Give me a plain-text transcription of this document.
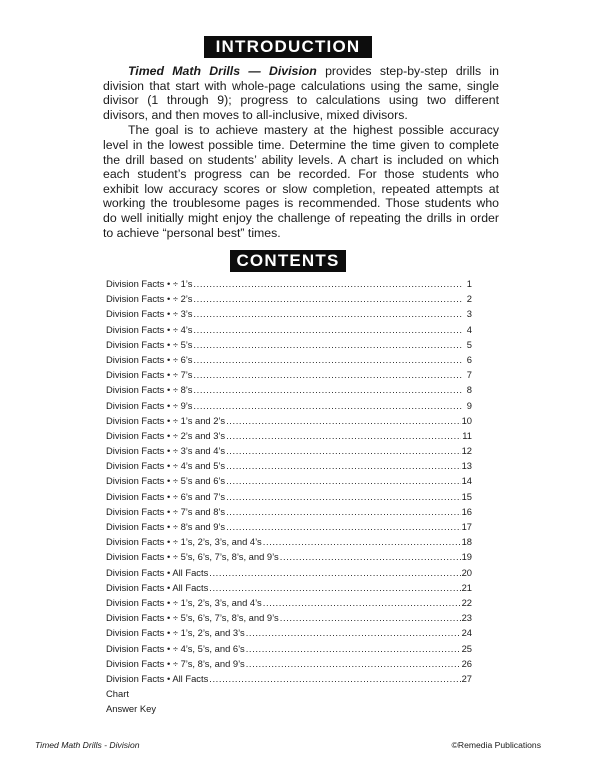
INTRODUCTION

Timed Math Drills — Division provides step-by-step drills in division that start with whole-page calculations using the same, single divisor (1 through 9); progress to calculations using two different divisors, and then moves to all-inclusive, mixed divisors.

The goal is to achieve mastery at the highest possible accuracy level in the lowest possible time. Determine the time given to complete the drill based on students’ ability levels. A chart is included on which each student’s progress can be recorded. For those students who exhibit low accuracy scores or slow completion, repeated attempts at working the troublesome pages is recommended. Those students who do well initially might enjoy the challenge of repeating the drills in order to achieve “personal best” times.

CONTENTS
Division Facts • ÷ 1’s .....	1
Division Facts • ÷ 2’s .....	2
Division Facts • ÷ 3’s .....	3
Division Facts • ÷ 4’s .....	4
Division Facts • ÷ 5’s .....	5
Division Facts • ÷ 6’s .....	6
Division Facts • ÷ 7’s .....	7
Division Facts • ÷ 8’s .....	8
Division Facts • ÷ 9’s .....	9
Division Facts • ÷ 1’s and 2’s .....	10
Division Facts • ÷ 2’s and 3’s .....	11
Division Facts • ÷ 3’s and 4’s .....	12
Division Facts • ÷ 4’s and 5’s .....	13
Division Facts • ÷ 5’s and 6’s .....	14
Division Facts • ÷ 6’s and 7’s .....	15
Division Facts • ÷ 7’s and 8’s .....	16
Division Facts • ÷ 8’s and 9’s .....	17
Division Facts • ÷ 1’s, 2’s, 3’s, and 4’s .....	18
Division Facts • ÷ 5’s, 6’s, 7’s, 8’s, and 9’s .....	19
Division Facts • All Facts .....	20
Division Facts • All Facts .....	21
Division Facts • ÷ 1’s, 2’s, 3’s, and 4’s .....	22
Division Facts • ÷ 5’s, 6’s, 7’s, 8’s, and 9’s .....	23
Division Facts • ÷ 1’s, 2’s, and 3’s .....	24
Division Facts • ÷ 4’s, 5’s, and 6’s .....	25
Division Facts • ÷ 7’s, 8’s, and 9’s .....	26
Division Facts • All Facts .....	27
Chart
Answer Key
Timed Math Drills - Division	©Remedia Publications
